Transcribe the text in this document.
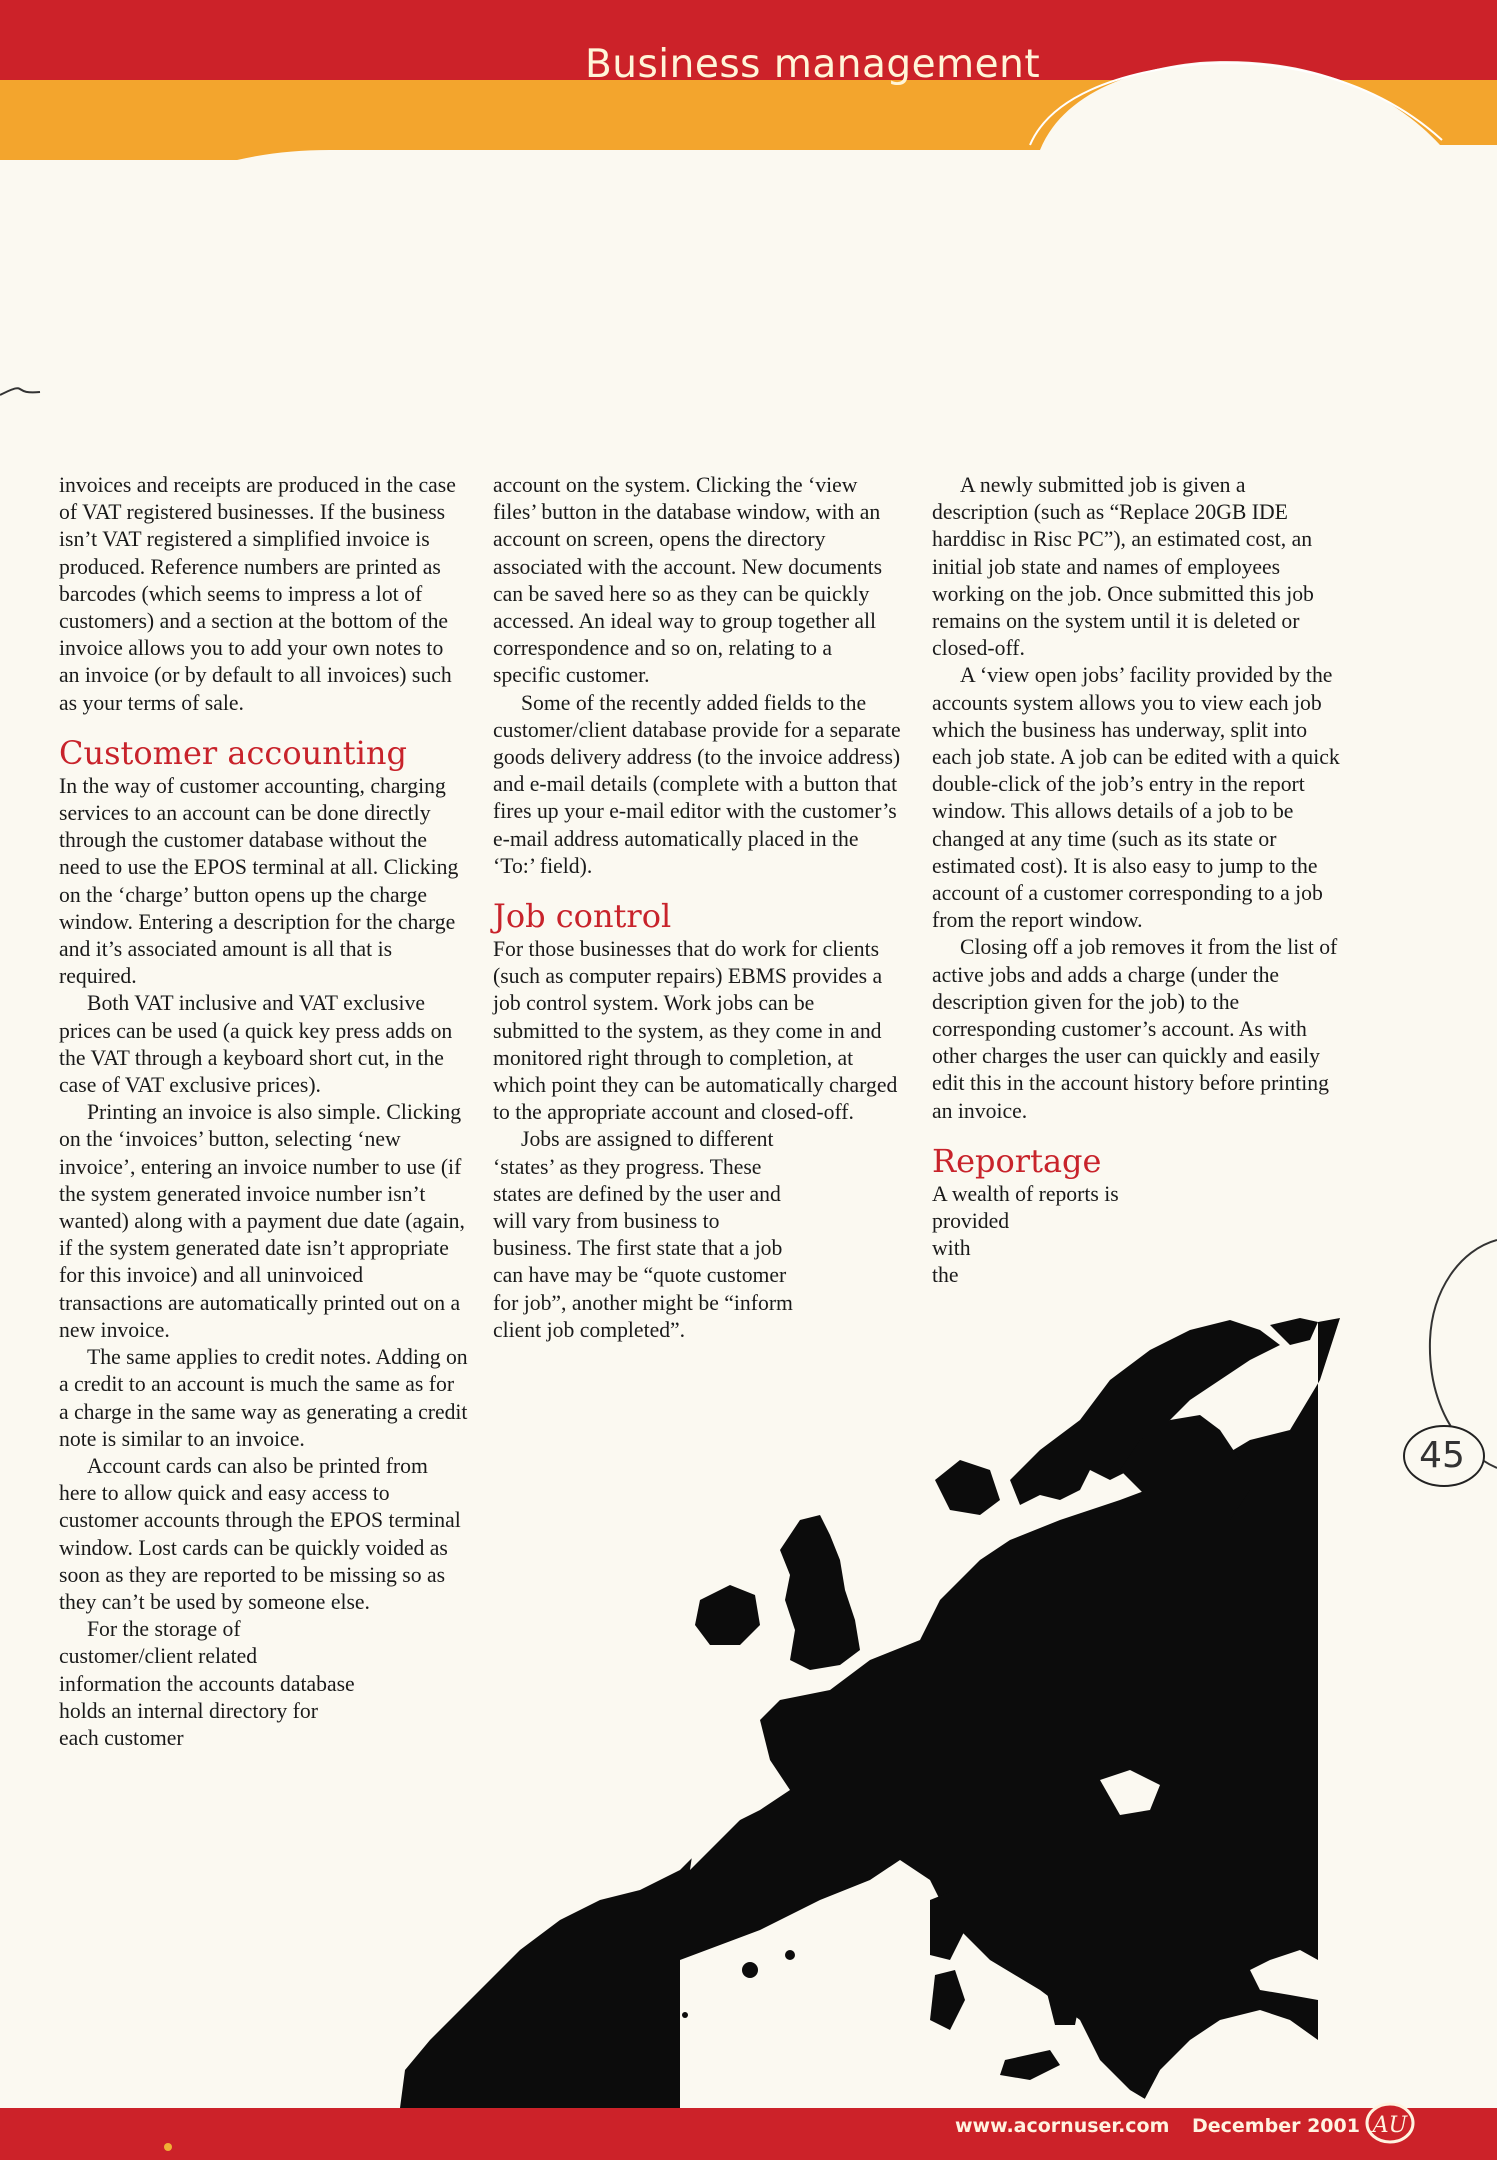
Business management

invoices and receipts are produced in the case of VAT registered businesses. If the business isn’t VAT registered a simplified invoice is produced. Reference numbers are printed as barcodes (which seems to impress a lot of customers) and a section at the bottom of the invoice allows you to add your own notes to an invoice (or by default to all invoices) such as your terms of sale.

Customer accounting

In the way of customer accounting, charging services to an account can be done directly through the customer database without the need to use the EPOS terminal at all. Clicking on the ‘charge’ button opens up the charge window. Entering a description for the charge and it’s associated amount is all that is required.

Both VAT inclusive and VAT exclusive prices can be used (a quick key press adds on the VAT through a keyboard short cut, in the case of VAT exclusive prices).

Printing an invoice is also simple. Clicking on the ‘invoices’ button, selecting ‘new invoice’, entering an invoice number to use (if the system generated invoice number isn’t wanted) along with a payment due date (again, if the system generated date isn’t appropriate for this invoice) and all uninvoiced transactions are automatically printed out on a new invoice.

The same applies to credit notes. Adding on a credit to an account is much the same as for a charge in the same way as generating a credit note is similar to an invoice.

Account cards can also be printed from here to allow quick and easy access to customer accounts through the EPOS terminal window. Lost cards can be quickly voided as soon as they are reported to be missing so as they can’t be used by someone else.

For the storage of customer/client related information the accounts database holds an internal directory for each customer

account on the system. Clicking the ‘view files’ button in the database window, with an account on screen, opens the directory associated with the account. New documents can be saved here so as they can be quickly accessed. An ideal way to group together all correspondence and so on, relating to a specific customer.

Some of the recently added fields to the customer/client database provide for a separate goods delivery address (to the invoice address) and e-mail details (complete with a button that fires up your e-mail editor with the customer’s e-mail address automatically placed in the ‘To:’ field).

Job control

For those businesses that do work for clients (such as computer repairs) EBMS provides a job control system. Work jobs can be submitted to the system, as they come in and monitored right through to completion, at which point they can be automatically charged to the appropriate account and closed-off.

Jobs are assigned to different ‘states’ as they progress. These states are defined by the user and will vary from business to business. The first state that a job can have may be “quote customer for job”, another might be “inform client job completed”.

A newly submitted job is given a description (such as “Replace 20GB IDE harddisc in Risc PC”), an estimated cost, an initial job state and names of employees working on the job. Once submitted this job remains on the system until it is deleted or closed-off.

A ‘view open jobs’ facility provided by the accounts system allows you to view each job which the business has underway, split into each job state. A job can be edited with a quick double-click of the job’s entry in the report window. This allows details of a job to be changed at any time (such as its state or estimated cost). It is also easy to jump to the account of a customer corresponding to a job from the report window.

Closing off a job removes it from the list of active jobs and adds a charge (under the description given for the job) to the corresponding customer’s account. As with other charges the user can quickly and easily edit this in the account history before printing an invoice.

Reportage

A wealth of reports is

provided

with

the

45

www.acornuser.com December 2001 AU
